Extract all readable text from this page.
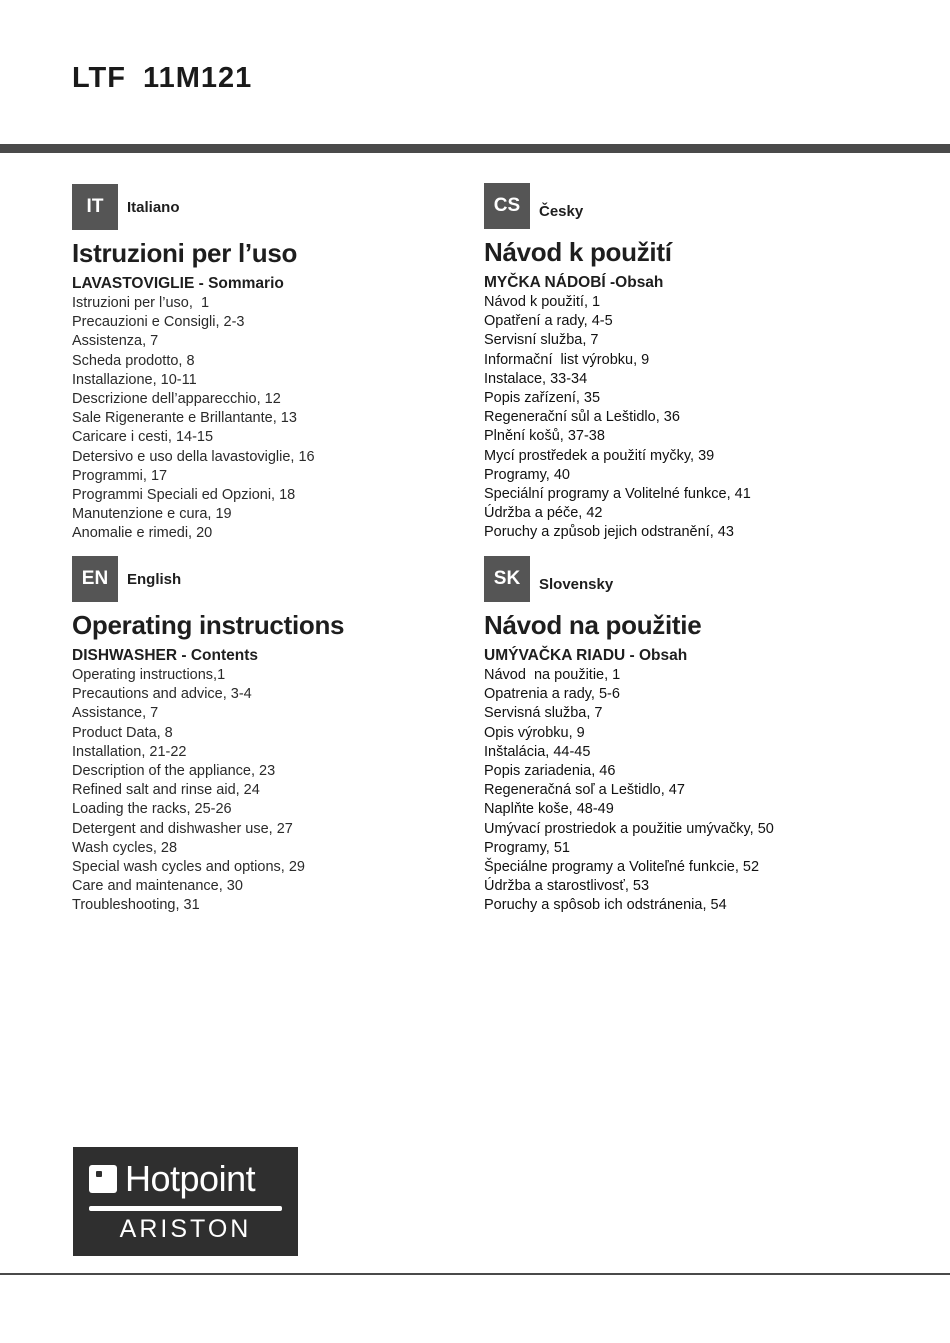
LTF 11M121
IT	Italiano
Istruzioni per l’uso
LAVASTOVIGLIE - Sommario
Istruzioni per l’uso,  1
Precauzioni e Consigli, 2-3
Assistenza, 7
Scheda prodotto, 8
Installazione, 10-11
Descrizione dell’apparecchio, 12
Sale Rigenerante e Brillantante, 13
Caricare i cesti, 14-15
Detersivo e uso della lavastoviglie, 16
Programmi, 17
Programmi Speciali ed Opzioni, 18
Manutenzione e cura, 19
Anomalie e rimedi, 20
CS	Česky
Návod k použití
MYČKA NÁDOBÍ -Obsah
Návod k použití, 1
Opatření a rady, 4-5
Servisní služba, 7
Informační  list výrobku, 9
Instalace, 33-34
Popis zařízení, 35
Regenerační sůl a Leštidlo, 36
Plnění košů, 37-38
Mycí prostředek a použití myčky, 39
Programy, 40
Speciální programy a Volitelné funkce, 41
Údržba a péče, 42
Poruchy a způsob jejich odstranění, 43
EN	English
Operating instructions
DISHWASHER - Contents
Operating instructions,1
Precautions and advice, 3-4
Assistance, 7
Product Data, 8
Installation, 21-22
Description of the appliance, 23
Refined salt and rinse aid, 24
Loading the racks, 25-26
Detergent and dishwasher use, 27
Wash cycles, 28
Special wash cycles and options, 29
Care and maintenance, 30
Troubleshooting, 31
SK	Slovensky
Návod na použitie
UMÝVAČKA RIADU - Obsah
Návod  na použitie, 1
Opatrenia a rady, 5-6
Servisná služba, 7
Opis výrobku, 9
Inštalácia, 44-45
Popis zariadenia, 46
Regeneračná soľ a Leštidlo, 47
Naplňte koše, 48-49
Umývací prostriedok a použitie umývačky, 50
Programy, 51
Špeciálne programy a Voliteľné funkcie, 52
Údržba a starostlivosť, 53
Poruchy a spôsob ich odstránenia, 54
Hotpoint
ARISTON
